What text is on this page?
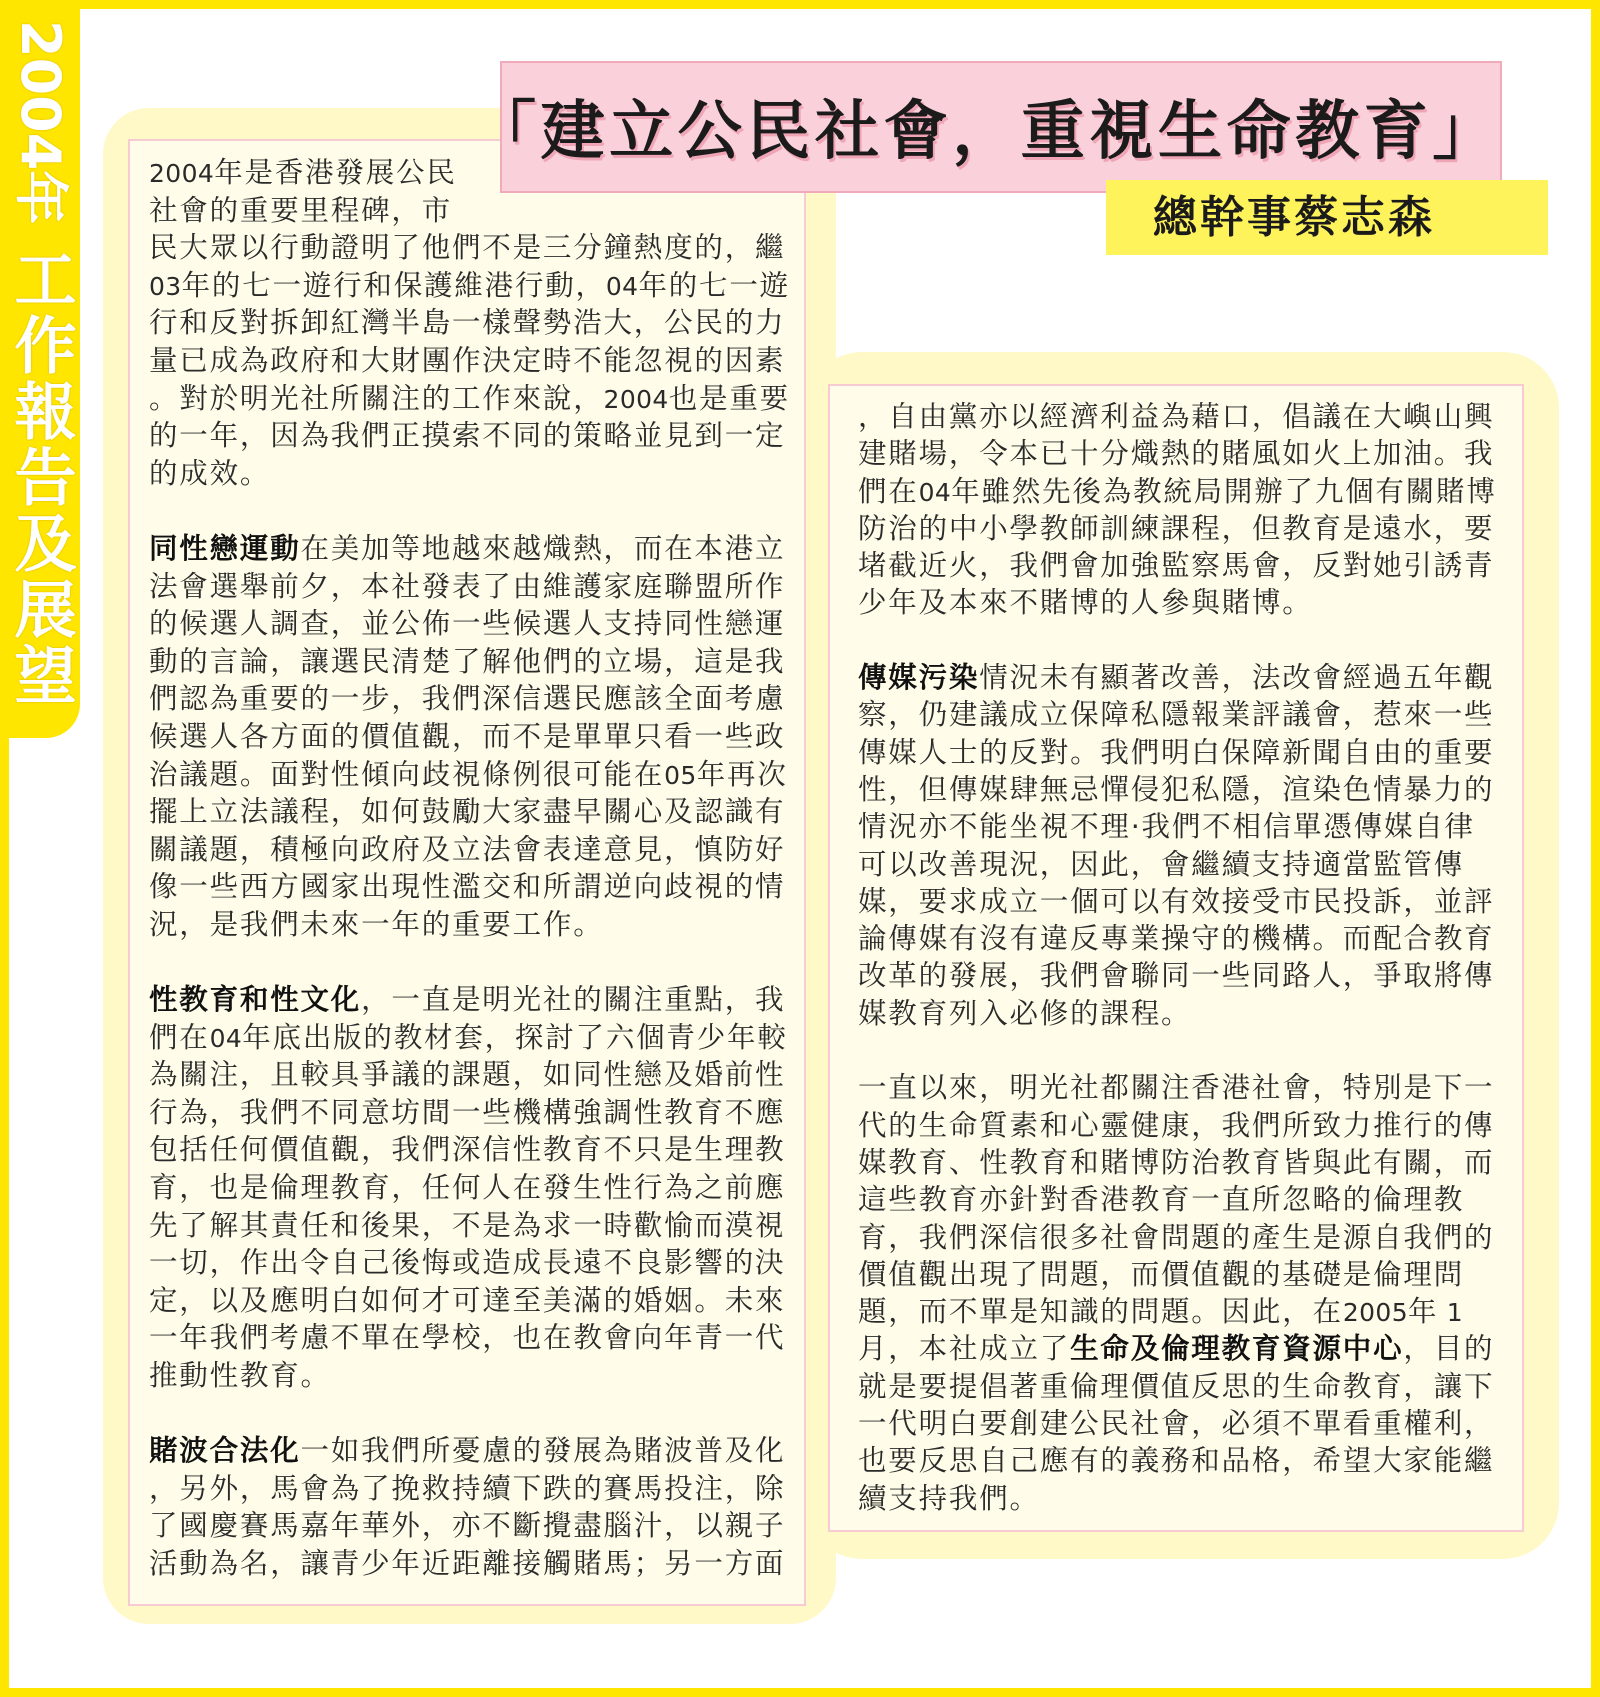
2004年
工作報告及展望
「建立公民社會，重視生命教育」
總幹事蔡志森
2004年是香港發展公民
社會的重要里程碑，市
民大眾以行動證明了他們不是三分鐘熱度的，繼
03年的七一遊行和保護維港行動，04年的七一遊
行和反對拆卸紅灣半島一樣聲勢浩大，公民的力
量已成為政府和大財團作決定時不能忽視的因素
。對於明光社所關注的工作來說，2004也是重要
的一年，因為我們正摸索不同的策略並見到一定
的成效。
同性戀運動在美加等地越來越熾熱，而在本港立
法會選舉前夕，本社發表了由維護家庭聯盟所作
的候選人調查，並公佈一些候選人支持同性戀運
動的言論，讓選民清楚了解他們的立場，這是我
們認為重要的一步，我們深信選民應該全面考慮
候選人各方面的價值觀，而不是單單只看一些政
治議題。面對性傾向歧視條例很可能在05年再次
擺上立法議程，如何鼓勵大家盡早關心及認識有
關議題，積極向政府及立法會表達意見，慎防好
像一些西方國家出現性濫交和所謂逆向歧視的情
況，是我們未來一年的重要工作。
性教育和性文化，一直是明光社的關注重點，我
們在04年底出版的教材套，探討了六個青少年較
為關注，且較具爭議的課題，如同性戀及婚前性
行為，我們不同意坊間一些機構強調性教育不應
包括任何價值觀，我們深信性教育不只是生理教
育，也是倫理教育，任何人在發生性行為之前應
先了解其責任和後果，不是為求一時歡愉而漠視
一切，作出令自己後悔或造成長遠不良影響的決
定，以及應明白如何才可達至美滿的婚姻。未來
一年我們考慮不單在學校，也在教會向年青一代
推動性教育。
賭波合法化一如我們所憂慮的發展為賭波普及化
，另外，馬會為了挽救持續下跌的賽馬投注，除
了國慶賽馬嘉年華外，亦不斷攪盡腦汁，以親子
活動為名，讓青少年近距離接觸賭馬；另一方面
，自由黨亦以經濟利益為藉口，倡議在大嶼山興
建賭場，令本已十分熾熱的賭風如火上加油。我
們在04年雖然先後為教統局開辦了九個有關賭博
防治的中小學教師訓練課程，但教育是遠水，要
堵截近火，我們會加強監察馬會，反對她引誘青
少年及本來不賭博的人參與賭博。
傳媒污染情況未有顯著改善，法改會經過五年觀
察，仍建議成立保障私隱報業評議會，惹來一些
傳媒人士的反對。我們明白保障新聞自由的重要
性，但傳媒肆無忌憚侵犯私隱，渲染色情暴力的
情況亦不能坐視不理·我們不相信單憑傳媒自律
可以改善現況，因此，會繼續支持適當監管傳
媒，要求成立一個可以有效接受市民投訴，並評
論傳媒有沒有違反專業操守的機構。而配合教育
改革的發展，我們會聯同一些同路人，爭取將傳
媒教育列入必修的課程。
一直以來，明光社都關注香港社會，特別是下一
代的生命質素和心靈健康，我們所致力推行的傳
媒教育、性教育和賭博防治教育皆與此有關，而
這些教育亦針對香港教育一直所忽略的倫理教
育，我們深信很多社會問題的產生是源自我們的
價值觀出現了問題，而價值觀的基礎是倫理問
題，而不單是知識的問題。因此，在2005年 1
月，本社成立了生命及倫理教育資源中心，目的
就是要提倡著重倫理價值反思的生命教育，讓下
一代明白要創建公民社會，必須不單看重權利，
也要反思自己應有的義務和品格，希望大家能繼
續支持我們。
